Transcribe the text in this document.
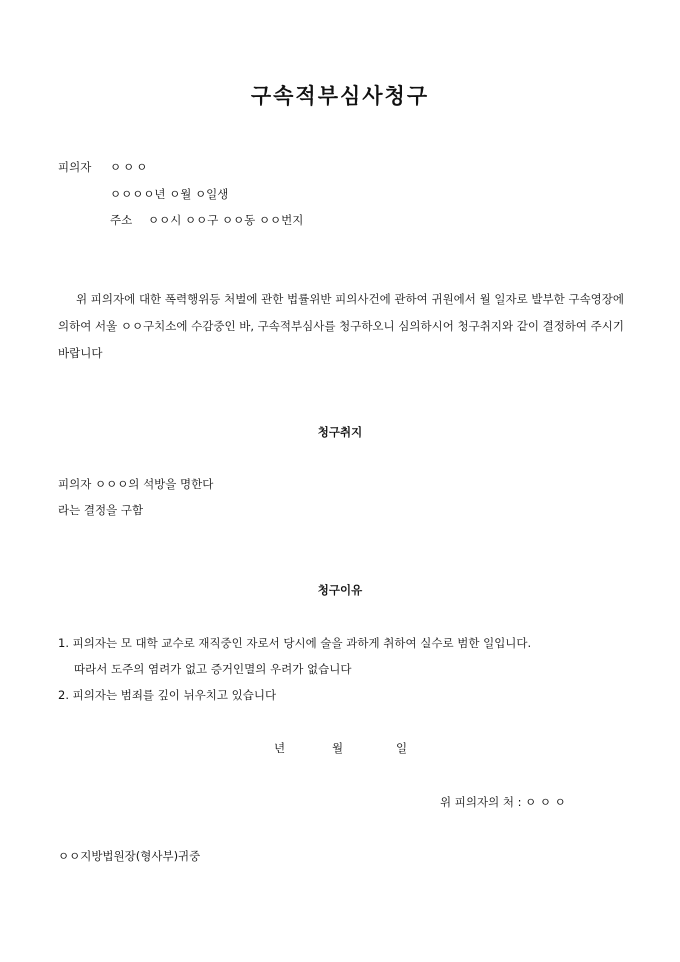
구속적부심사청구
피의자 ㅇㅇㅇ
ㅇㅇㅇㅇ년 ㅇ월 ㅇ일생
주소 ㅇㅇ시 ㅇㅇ구 ㅇㅇ동 ㅇㅇ번지
위 피의자에 대한 폭력행위등 처벌에 관한 법률위반 피의사건에 관하여 귀원에서 월 일자로 발부한 구속영장에 의하여 서울 ㅇㅇ구치소에 수감중인 바, 구속적부심사를 청구하오니 심의하시어 청구취지와 같이 결정하여 주시기 바랍니다
청구취지
피의자 ㅇㅇㅇ의 석방을 명한다
라는 결정을 구함
청구이유
1. 피의자는 모 대학 교수로 재직중인 자로서 당시에 술을 과하게 취하여 실수로 범한 일입니다.
따라서 도주의 염려가 없고 증거인멸의 우려가 없습니다
2. 피의자는 범죄를 깊이 뉘우치고 있습니다
년	월	일
위 피의자의 처 : ㅇ ㅇ ㅇ
ㅇㅇ지방법원장(형사부)귀중
